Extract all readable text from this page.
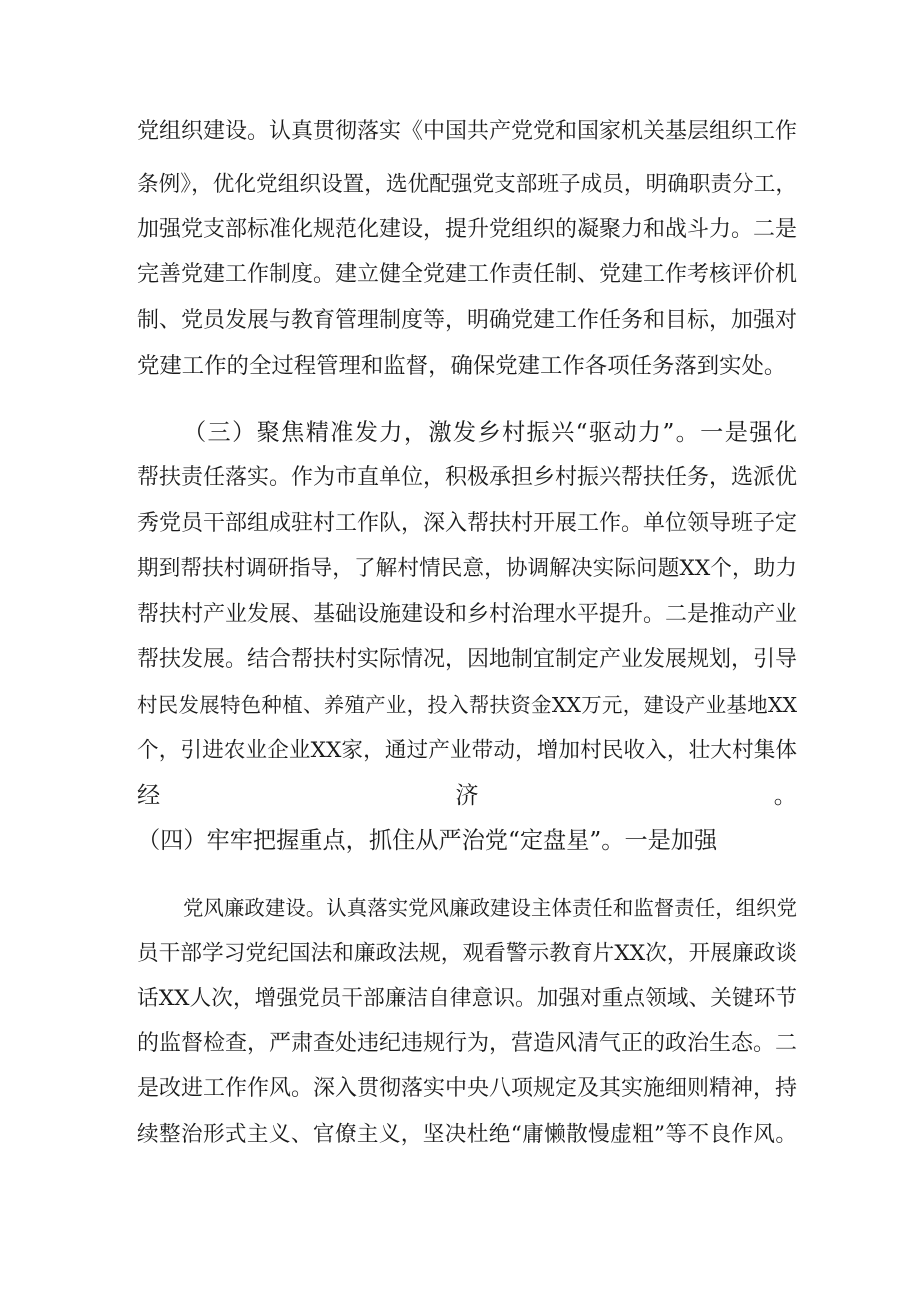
党组织建设。认真贯彻落实《中国共产党党和国家机关基层组织工作
条例》，优化党组织设置，选优配强党支部班子成员，明确职责分工，
加强党支部标准化规范化建设，提升党组织的凝聚力和战斗力。二是
完善党建工作制度。建立健全党建工作责任制、党建工作考核评价机
制、党员发展与教育管理制度等，明确党建工作任务和目标，加强对
党建工作的全过程管理和监督，确保党建工作各项任务落到实处。
（三）聚焦精准发力，激发乡村振兴“驱动力”。一是强化
帮扶责任落实。作为市直单位，积极承担乡村振兴帮扶任务，选派优
秀党员干部组成驻村工作队，深入帮扶村开展工作。单位领导班子定
期到帮扶村调研指导，了解村情民意，协调解决实际问题XX个，助力
帮扶村产业发展、基础设施建设和乡村治理水平提升。二是推动产业
帮扶发展。结合帮扶村实际情况，因地制宜制定产业发展规划，引导
村民发展特色种植、养殖产业，投入帮扶资金XX万元，建设产业基地XX
个，引进农业企业XX家，通过产业带动，增加村民收入，壮大村集体
经济。
（四）牢牢把握重点，抓住从严治党“定盘星”。一是加强
党风廉政建设。认真落实党风廉政建设主体责任和监督责任，组织党
员干部学习党纪国法和廉政法规，观看警示教育片XX次，开展廉政谈
话XX人次，增强党员干部廉洁自律意识。加强对重点领域、关键环节
的监督检查，严肃查处违纪违规行为，营造风清气正的政治生态。二
是改进工作作风。深入贯彻落实中央八项规定及其实施细则精神，持
续整治形式主义、官僚主义，坚决杜绝“庸懒散慢虚粗”等不良作风。
